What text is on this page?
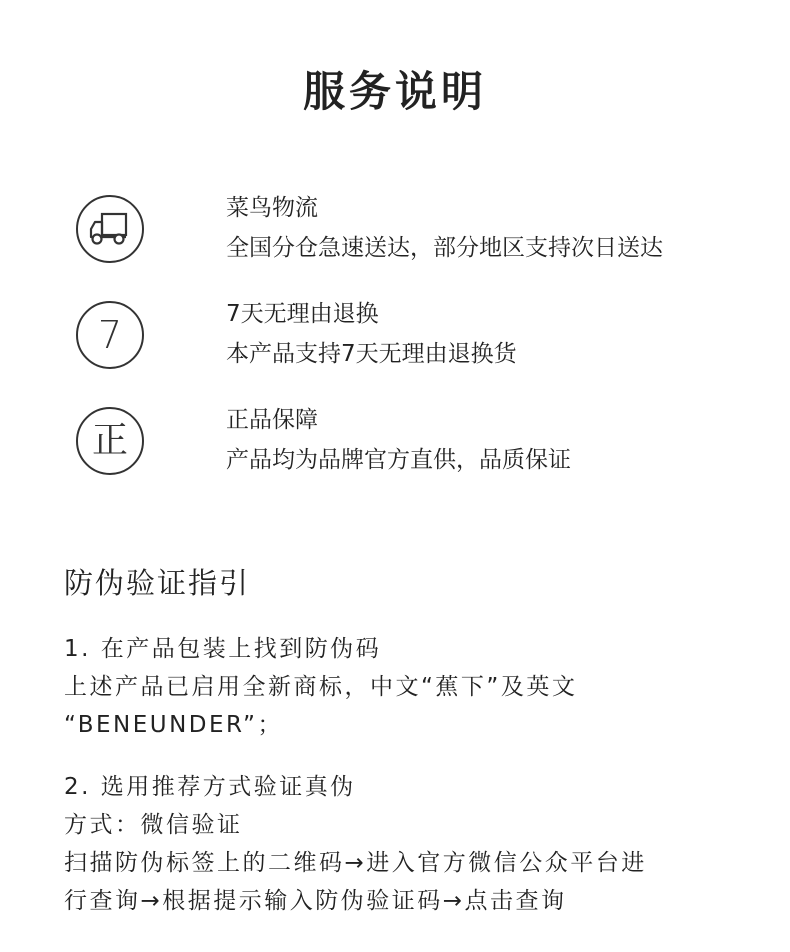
服务说明
菜鸟物流
全国分仓急速送达，部分地区支持次日送达
7	7天无理由退换
本产品支持7天无理由退换货
正	正品保障
产品均为品牌官方直供，品质保证
防伪验证指引
1. 在产品包装上找到防伪码
上述产品已启用全新商标，中文“蕉下”及英文
“BENEUNDER”；
2. 选用推荐方式验证真伪
方式：微信验证
扫描防伪标签上的二维码→进入官方微信公众平台进
行查询→根据提示输入防伪验证码→点击查询
